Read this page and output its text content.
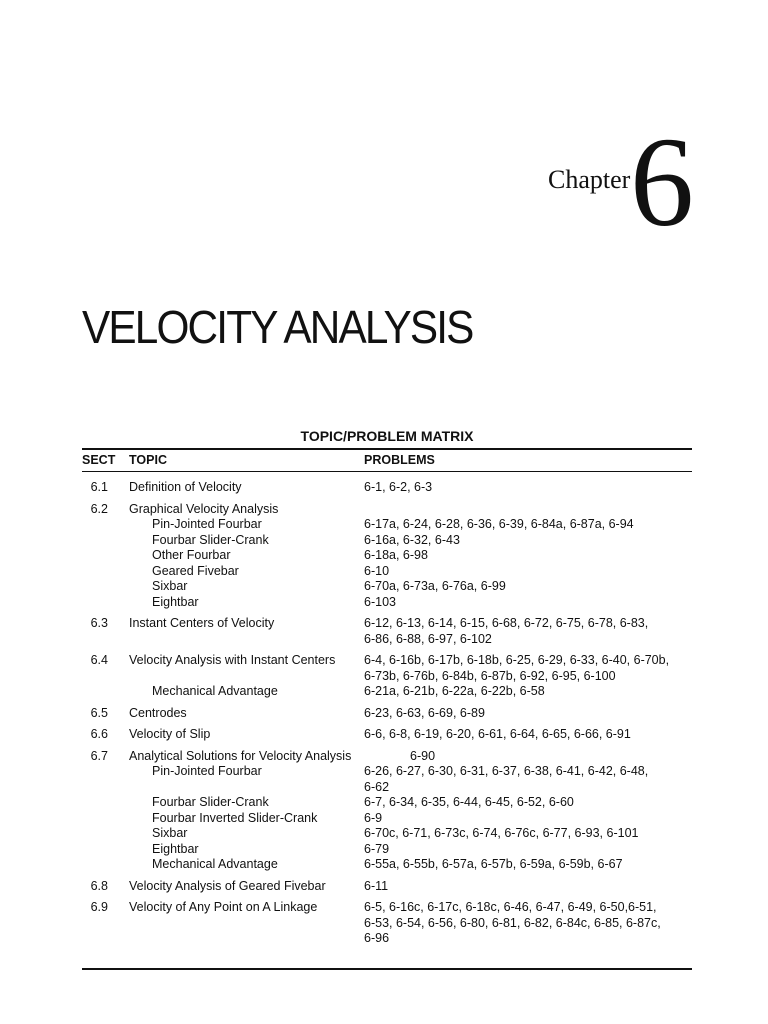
Chapter 6
VELOCITY ANALYSIS
TOPIC/PROBLEM MATRIX
SECT TOPIC	PROBLEMS
6.1 Definition of Velocity	6-1, 6-2, 6-3
6.2 Graphical Velocity Analysis
Pin-Jointed Fourbar	6-17a, 6-24, 6-28, 6-36, 6-39, 6-84a, 6-87a, 6-94
Fourbar Slider-Crank	6-16a, 6-32, 6-43
Other Fourbar	6-18a, 6-98
Geared Fivebar	6-10
Sixbar	6-70a, 6-73a, 6-76a, 6-99
Eightbar	6-103
6.3 Instant Centers of Velocity	6-12, 6-13, 6-14, 6-15, 6-68, 6-72, 6-75, 6-78, 6-83,
6-86, 6-88, 6-97, 6-102
6.4 Velocity Analysis with Instant Centers 6-4, 6-16b, 6-17b, 6-18b, 6-25, 6-29, 6-33, 6-40, 6-70b,
6-73b, 6-76b, 6-84b, 6-87b, 6-92, 6-95, 6-100
Mechanical Advantage	6-21a, 6-21b, 6-22a, 6-22b, 6-58
6.5 Centrodes	6-23, 6-63, 6-69, 6-89
6.6 Velocity of Slip	6-6, 6-8, 6-19, 6-20, 6-61, 6-64, 6-65, 6-66, 6-91
6.7 Analytical Solutions for Velocity Analysis	6-90
Pin-Jointed Fourbar	6-26, 6-27, 6-30, 6-31, 6-37, 6-38, 6-41, 6-42, 6-48,
6-62
Fourbar Slider-Crank	6-7, 6-34, 6-35, 6-44, 6-45, 6-52, 6-60
Fourbar Inverted Slider-Crank	6-9
Sixbar	6-70c, 6-71, 6-73c, 6-74, 6-76c, 6-77, 6-93, 6-101
Eightbar	6-79
Mechanical Advantage	6-55a, 6-55b, 6-57a, 6-57b, 6-59a, 6-59b, 6-67
6.8 Velocity Analysis of Geared Fivebar	6-11
6.9 Velocity of Any Point on A Linkage	6-5, 6-16c, 6-17c, 6-18c, 6-46, 6-47, 6-49, 6-50,6-51,
6-53, 6-54, 6-56, 6-80, 6-81, 6-82, 6-84c, 6-85, 6-87c,
6-96
